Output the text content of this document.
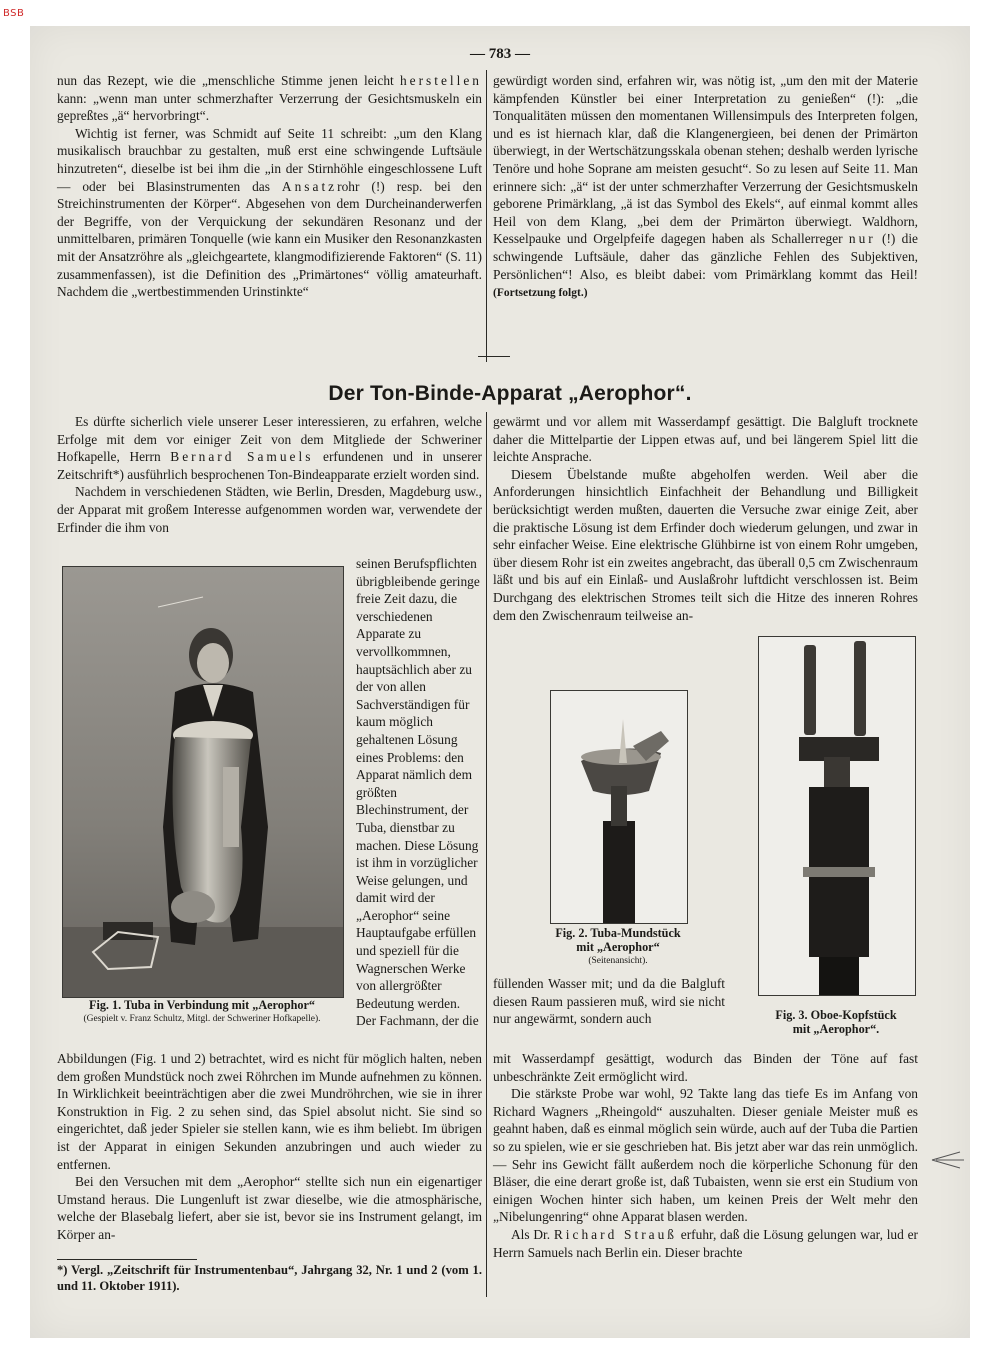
BSB
— 783 —

nun das Rezept, wie die „menschliche Stimme jenen leicht herstellen kann: „wenn man unter schmerzhafter Verzerrung der Gesichtsmuskeln ein gepreßtes „ä“ hervorbringt“.

Wichtig ist ferner, was Schmidt auf Seite 11 schreibt: „um den Klang musikalisch brauchbar zu gestalten, muß erst eine schwingende Luftsäule hinzutreten“, dieselbe ist bei ihm die „in der Stirnhöhle eingeschlossene Luft — oder bei Blasinstrumenten das Ansatzrohr (!) resp. bei den Streichinstrumenten der Körper“. Abgesehen von dem Durcheinanderwerfen der Begriffe, von der Verquickung der sekundären Resonanz und der unmittelbaren, primären Tonquelle (wie kann ein Musiker den Resonanzkasten mit der Ansatzröhre als „gleichgeartete, klangmodifizierende Faktoren“ (S. 11) zusammenfassen), ist die Definition des „Primärtones“ völlig amateurhaft. Nachdem die „wertbestimmenden Urinstinkte“

gewürdigt worden sind, erfahren wir, was nötig ist, „um den mit der Materie kämpfenden Künstler bei einer Interpretation zu genießen“ (!): „die Tonqualitäten müssen den momentanen Willensimpuls des Interpreten folgen, und es ist hiernach klar, daß die Klangenergieen, bei denen der Primärton überwiegt, in der Wertschätzungsskala obenan stehen; deshalb werden lyrische Tenöre und hohe Soprane am meisten gesucht“. So zu lesen auf Seite 11. Man erinnere sich: „ä“ ist der unter schmerzhafter Verzerrung der Gesichtsmuskeln geborene Primärklang, „ä ist das Symbol des Ekels“, auf einmal kommt alles Heil von dem Klang, „bei dem der Primärton überwiegt. Waldhorn, Kesselpauke und Orgelpfeife dagegen haben als Schallerreger nur (!) die schwingende Luftsäule, daher das gänzliche Fehlen des Subjektiven, Persönlichen“! Also, es bleibt dabei: vom Primärklang kommt das Heil! (Fortsetzung folgt.)

Der Ton-Binde-Apparat „Aerophor“.

Es dürfte sicherlich viele unserer Leser interessieren, zu erfahren, welche Erfolge mit dem vor einiger Zeit von dem Mitgliede der Schweriner Hofkapelle, Herrn Bernard Samuels erfundenen und in unserer Zeitschrift*) ausführlich besprochenen Ton-Bindeapparate erzielt worden sind.

Nachdem in verschiedenen Städten, wie Berlin, Dresden, Magdeburg usw., der Apparat mit großem Interesse aufgenommen worden war, verwendete der Erfinder die ihm von

Fig. 1. Tuba in Verbindung mit „Aerophor“
(Gespielt v. Franz Schultz, Mitgl. der Schweriner Hofkapelle).

seinen Berufspflichten übrigbleibende geringe freie Zeit dazu, die verschiedenen Apparate zu vervollkommnen, hauptsächlich aber zu der von allen Sachverständigen für kaum möglich gehaltenen Lösung eines Problems: den Apparat nämlich dem größten Blechinstrument, der Tuba, dienstbar zu machen. Diese Lösung ist ihm in vorzüglicher Weise gelungen, und damit wird der „Aerophor“ seine Hauptaufgabe erfüllen und speziell für die Wagnerschen Werke von allergrößter Bedeutung werden. Der Fachmann, der die

Abbildungen (Fig. 1 und 2) betrachtet, wird es nicht für möglich halten, neben dem großen Mundstück noch zwei Röhrchen im Munde aufnehmen zu können. In Wirklichkeit beeinträchtigen aber die zwei Mundröhrchen, wie sie in ihrer Konstruktion in Fig. 2 zu sehen sind, das Spiel absolut nicht. Sie sind so eingerichtet, daß jeder Spieler sie stellen kann, wie es ihm beliebt. Im übrigen ist der Apparat in einigen Sekunden anzubringen und auch wieder zu entfernen.

Bei den Versuchen mit dem „Aerophor“ stellte sich nun ein eigenartiger Umstand heraus. Die Lungenluft ist zwar dieselbe, wie die atmosphärische, welche der Blasebalg liefert, aber sie ist, bevor sie ins Instrument gelangt, im Körper an-

*) Vergl. „Zeitschrift für Instrumentenbau“, Jahrgang 32, Nr. 1 und 2 (vom 1. und 11. Oktober 1911).

gewärmt und vor allem mit Wasserdampf gesättigt. Die Balgluft trocknete daher die Mittelpartie der Lippen etwas auf, und bei längerem Spiel litt die leichte Ansprache.

Diesem Übelstande mußte abgeholfen werden. Weil aber die Anforderungen hinsichtlich Einfachheit der Behandlung und Billigkeit berücksichtigt werden mußten, dauerten die Versuche zwar einige Zeit, aber die praktische Lösung ist dem Erfinder doch wiederum gelungen, und zwar in sehr einfacher Weise. Eine elektrische Glühbirne ist von einem Rohr umgeben, über diesem Rohr ist ein zweites angebracht, das überall 0,5 cm Zwischenraum läßt und bis auf ein Einlaß- und Auslaßrohr luftdicht verschlossen ist. Beim Durchgang des elektrischen Stromes teilt sich die Hitze des inneren Rohres dem den Zwischenraum teilweise an-

Fig. 2. Tuba-Mundstück
mit „Aerophor“
(Seitenansicht).

füllenden Wasser mit; und da die Balgluft diesen Raum passieren muß, wird sie nicht nur angewärmt, sondern auch	Fig. 3. Oboe-Kopfstück
mit „Aerophor“.

mit Wasserdampf gesättigt, wodurch das Binden der Töne auf fast unbeschränkte Zeit ermöglicht wird.

Die stärkste Probe war wohl, 92 Takte lang das tiefe Es im Anfang von Richard Wagners „Rheingold“ auszuhalten. Dieser geniale Meister muß es geahnt haben, daß es einmal möglich sein würde, auch auf der Tuba die Partien so zu spielen, wie er sie geschrieben hat. Bis jetzt aber war das rein unmöglich. — Sehr ins Gewicht fällt außerdem noch die körperliche Schonung für den Bläser, die eine derart große ist, daß Tubaisten, wenn sie erst ein Studium von einigen Wochen hinter sich haben, um keinen Preis der Welt mehr den „Nibelungenring“ ohne Apparat blasen werden.

Als Dr. Richard Strauß erfuhr, daß die Lösung gelungen war, lud er Herrn Samuels nach Berlin ein. Dieser brachte
